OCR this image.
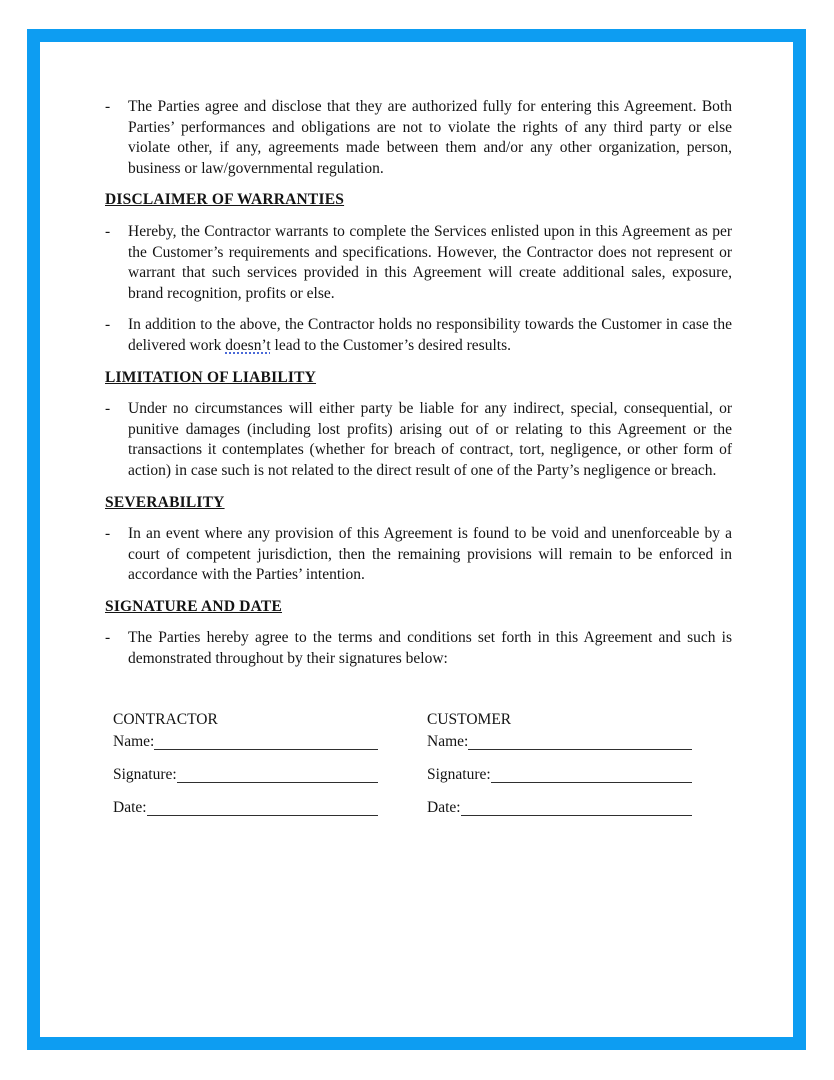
-	The Parties agree and disclose that they are authorized fully for entering this Agreement. Both Parties’ performances and obligations are not to violate the rights of any third party or else violate other, if any, agreements made between them and/or any other organization, person, business or law/governmental regulation.
DISCLAIMER OF WARRANTIES
-	Hereby, the Contractor warrants to complete the Services enlisted upon in this Agreement as per the Customer’s requirements and specifications. However, the Contractor does not represent or warrant that such services provided in this Agreement will create additional sales, exposure, brand recognition, profits or else.
-	In addition to the above, the Contractor holds no responsibility towards the Customer in case the delivered work doesn’t lead to the Customer’s desired results.
LIMITATION OF LIABILITY
-	Under no circumstances will either party be liable for any indirect, special, consequential, or punitive damages (including lost profits) arising out of or relating to this Agreement or the transactions it contemplates (whether for breach of contract, tort, negligence, or other form of action) in case such is not related to the direct result of one of the Party’s negligence or breach.
SEVERABILITY
-	In an event where any provision of this Agreement is found to be void and unenforceable by a court of competent jurisdiction, then the remaining provisions will remain to be enforced in accordance with the Parties’ intention.
SIGNATURE AND DATE
-	The Parties hereby agree to the terms and conditions set forth in this Agreement and such is demonstrated throughout by their signatures below:
CONTRACTOR
Name:
Signature:
Date:
CUSTOMER
Name:
Signature:
Date:
